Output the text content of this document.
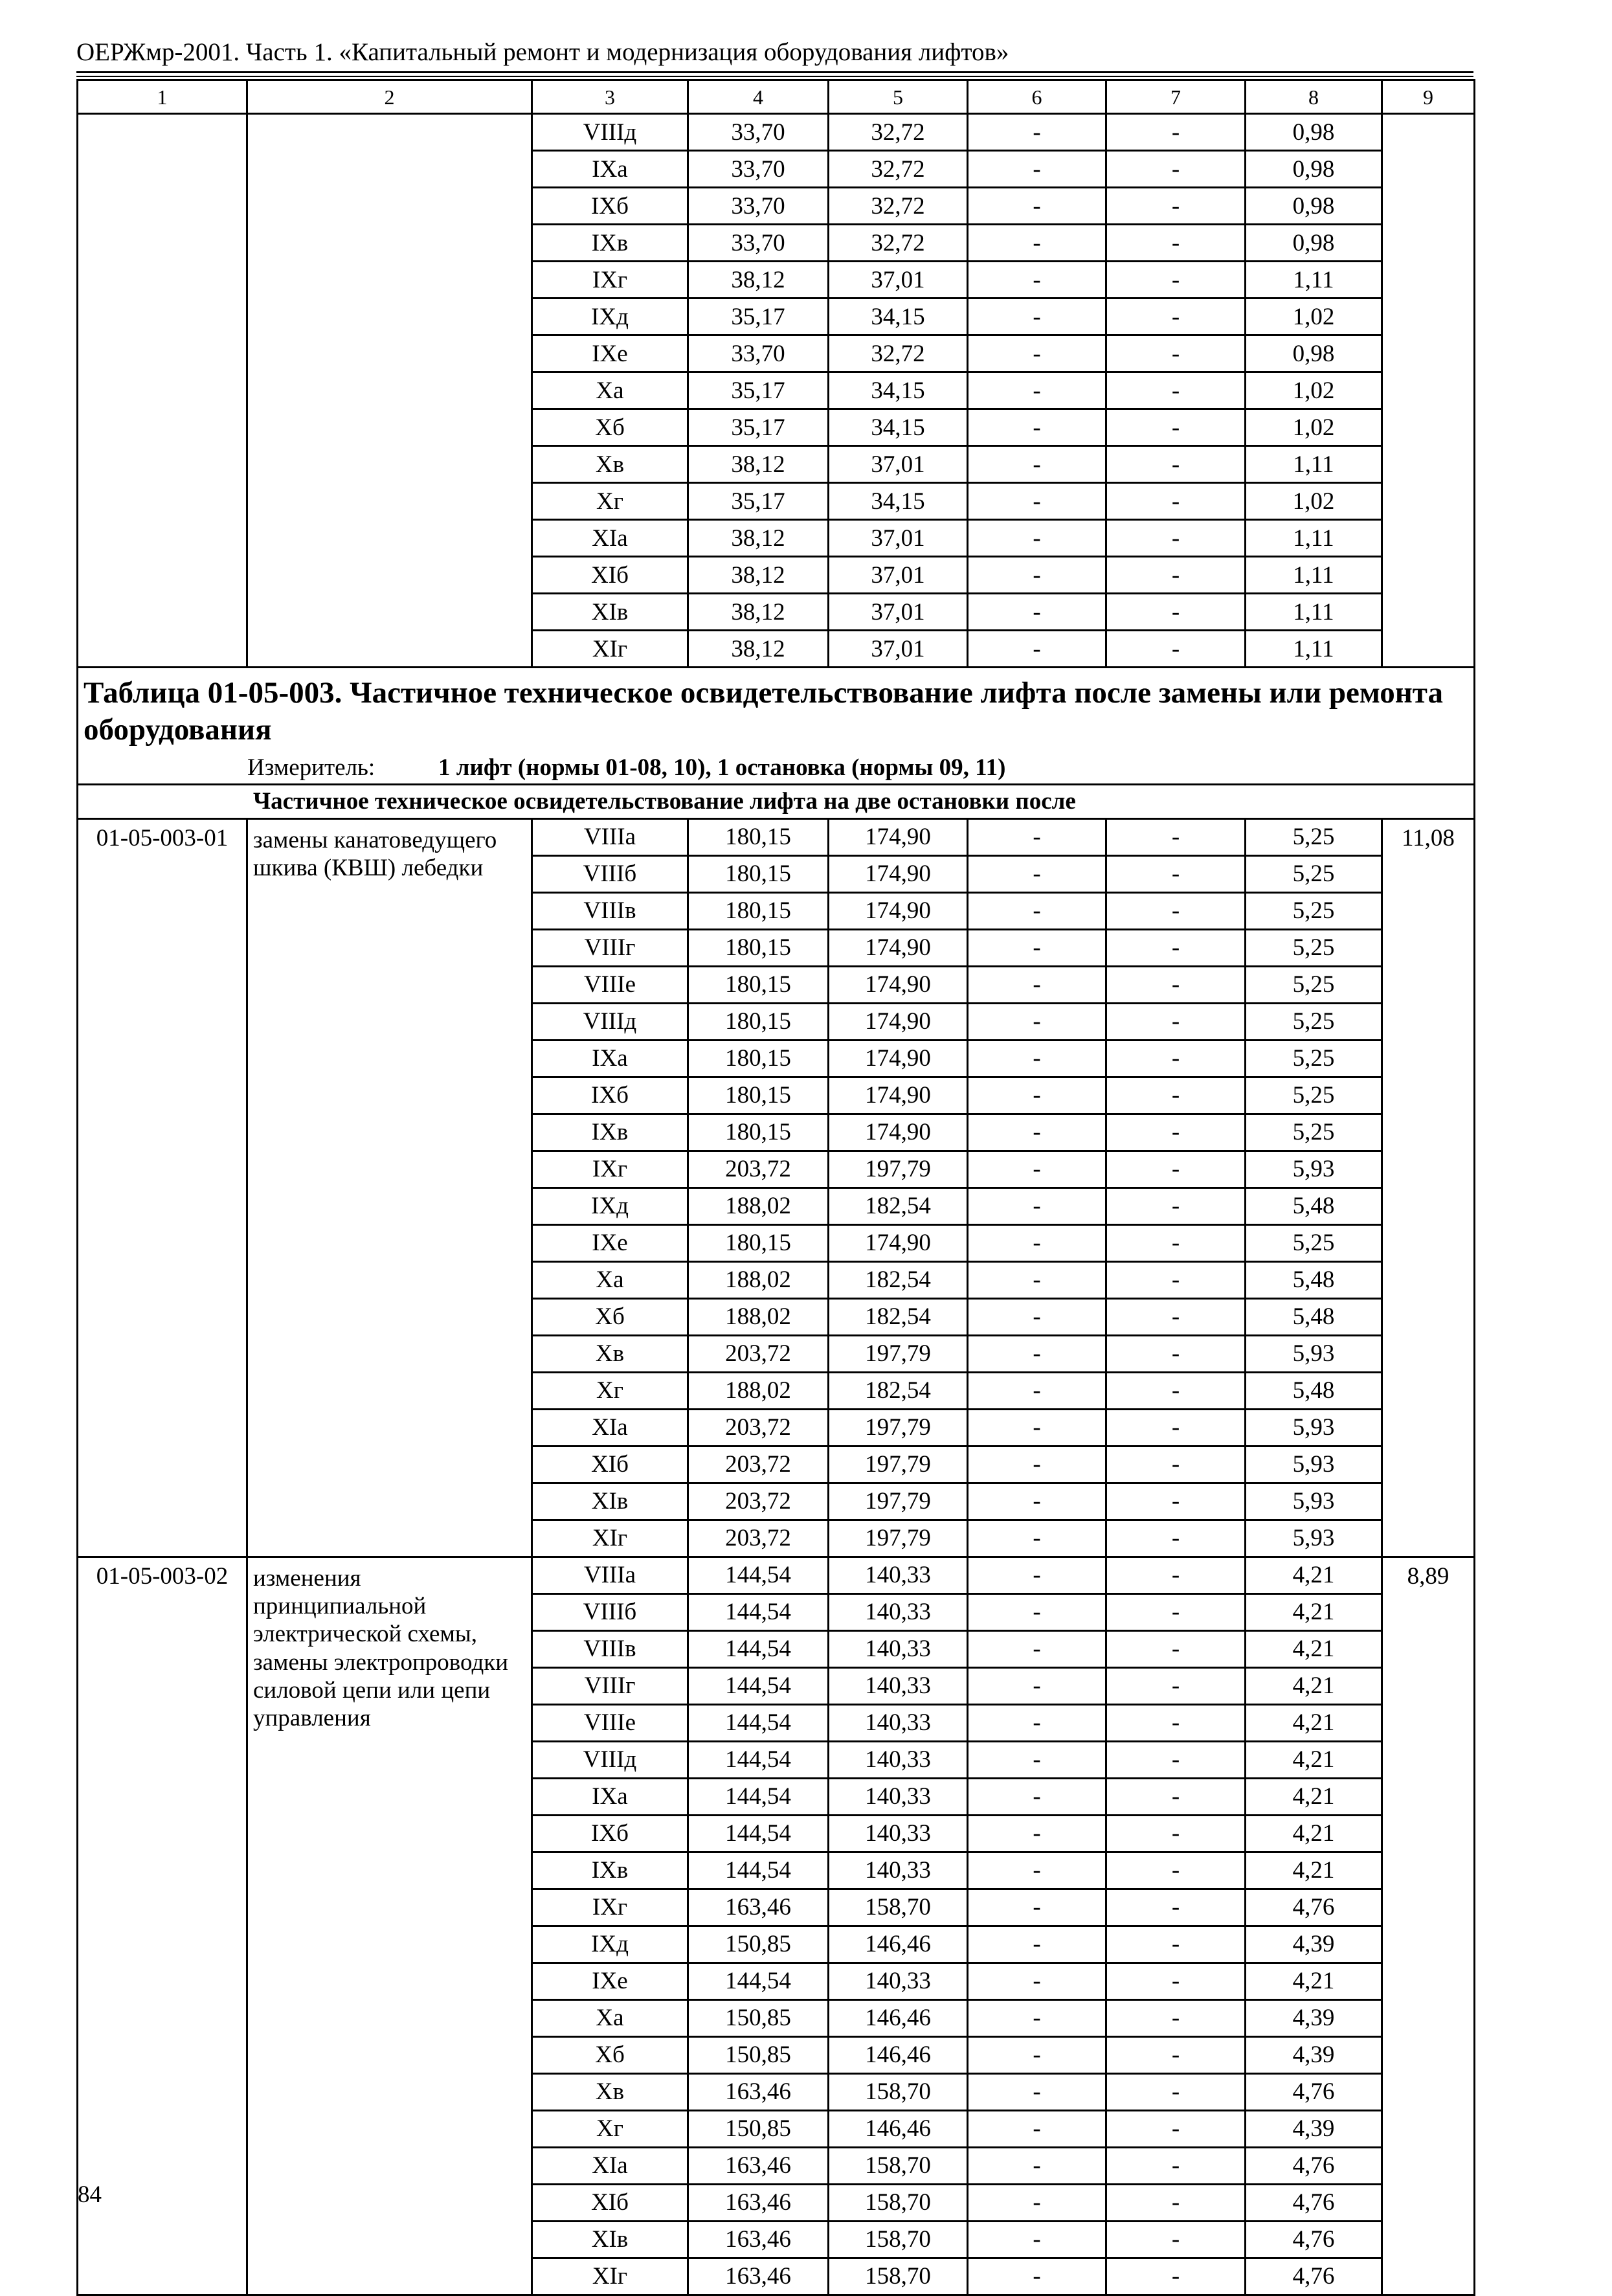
ОЕРЖмр-2001. Часть 1. «Капитальный ремонт и модернизация оборудования лифтов»
1	2	3	4	5	6	7	8	9
		VIIIд	33,70	32,72	-	-	0,98	
		IXа	33,70	32,72	-	-	0,98	
		IXб	33,70	32,72	-	-	0,98	
		IXв	33,70	32,72	-	-	0,98	
		IXг	38,12	37,01	-	-	1,11	
		IXд	35,17	34,15	-	-	1,02	
		IXе	33,70	32,72	-	-	0,98	
		Xа	35,17	34,15	-	-	1,02	
		Xб	35,17	34,15	-	-	1,02	
		Xв	38,12	37,01	-	-	1,11	
		Xг	35,17	34,15	-	-	1,02	
		XIа	38,12	37,01	-	-	1,11	
		XIб	38,12	37,01	-	-	1,11	
		XIв	38,12	37,01	-	-	1,11	
		XIг	38,12	37,01	-	-	1,11	

Таблица 01-05-003. Частичное техническое освидетельствование лифта после замены или ремонта оборудования
Измеритель: 1 лифт (нормы 01-08, 10), 1 остановка (нормы 09, 11)								

Частичное техническое освидетельствование лифта на две остановки после								
01-05-003-01	замены канатоведущего шкива (КВШ) лебедки	VIIIа	180,15	174,90	-	-	5,25	11,08
		VIIIб	180,15	174,90	-	-	5,25	
		VIIIв	180,15	174,90	-	-	5,25	
		VIIIг	180,15	174,90	-	-	5,25	
		VIIIе	180,15	174,90	-	-	5,25	
		VIIIд	180,15	174,90	-	-	5,25	
		IXа	180,15	174,90	-	-	5,25	
		IXб	180,15	174,90	-	-	5,25	
		IXв	180,15	174,90	-	-	5,25	
		IXг	203,72	197,79	-	-	5,93	
		IXд	188,02	182,54	-	-	5,48	
		IXе	180,15	174,90	-	-	5,25	
		Xа	188,02	182,54	-	-	5,48	
		Xб	188,02	182,54	-	-	5,48	
		Xв	203,72	197,79	-	-	5,93	
		Xг	188,02	182,54	-	-	5,48	
		XIа	203,72	197,79	-	-	5,93	
		XIб	203,72	197,79	-	-	5,93	
		XIв	203,72	197,79	-	-	5,93	
		XIг	203,72	197,79	-	-	5,93	
01-05-003-02	изменения принципиальной электрической схемы, замены электропроводки силовой цепи или цепи управления	VIIIа	144,54	140,33	-	-	4,21	8,89
		VIIIб	144,54	140,33	-	-	4,21	
		VIIIв	144,54	140,33	-	-	4,21	
		VIIIг	144,54	140,33	-	-	4,21	
		VIIIе	144,54	140,33	-	-	4,21	
		VIIIд	144,54	140,33	-	-	4,21	
		IXа	144,54	140,33	-	-	4,21	
		IXб	144,54	140,33	-	-	4,21	
		IXв	144,54	140,33	-	-	4,21	
		IXг	163,46	158,70	-	-	4,76	
		IXд	150,85	146,46	-	-	4,39	
		IXе	144,54	140,33	-	-	4,21	
		Xа	150,85	146,46	-	-	4,39	
		Xб	150,85	146,46	-	-	4,39	
		Xв	163,46	158,70	-	-	4,76	
		Xг	150,85	146,46	-	-	4,39	
		XIа	163,46	158,70	-	-	4,76	
		XIб	163,46	158,70	-	-	4,76	
		XIв	163,46	158,70	-	-	4,76	
		XIг	163,46	158,70	-	-	4,76	
84
